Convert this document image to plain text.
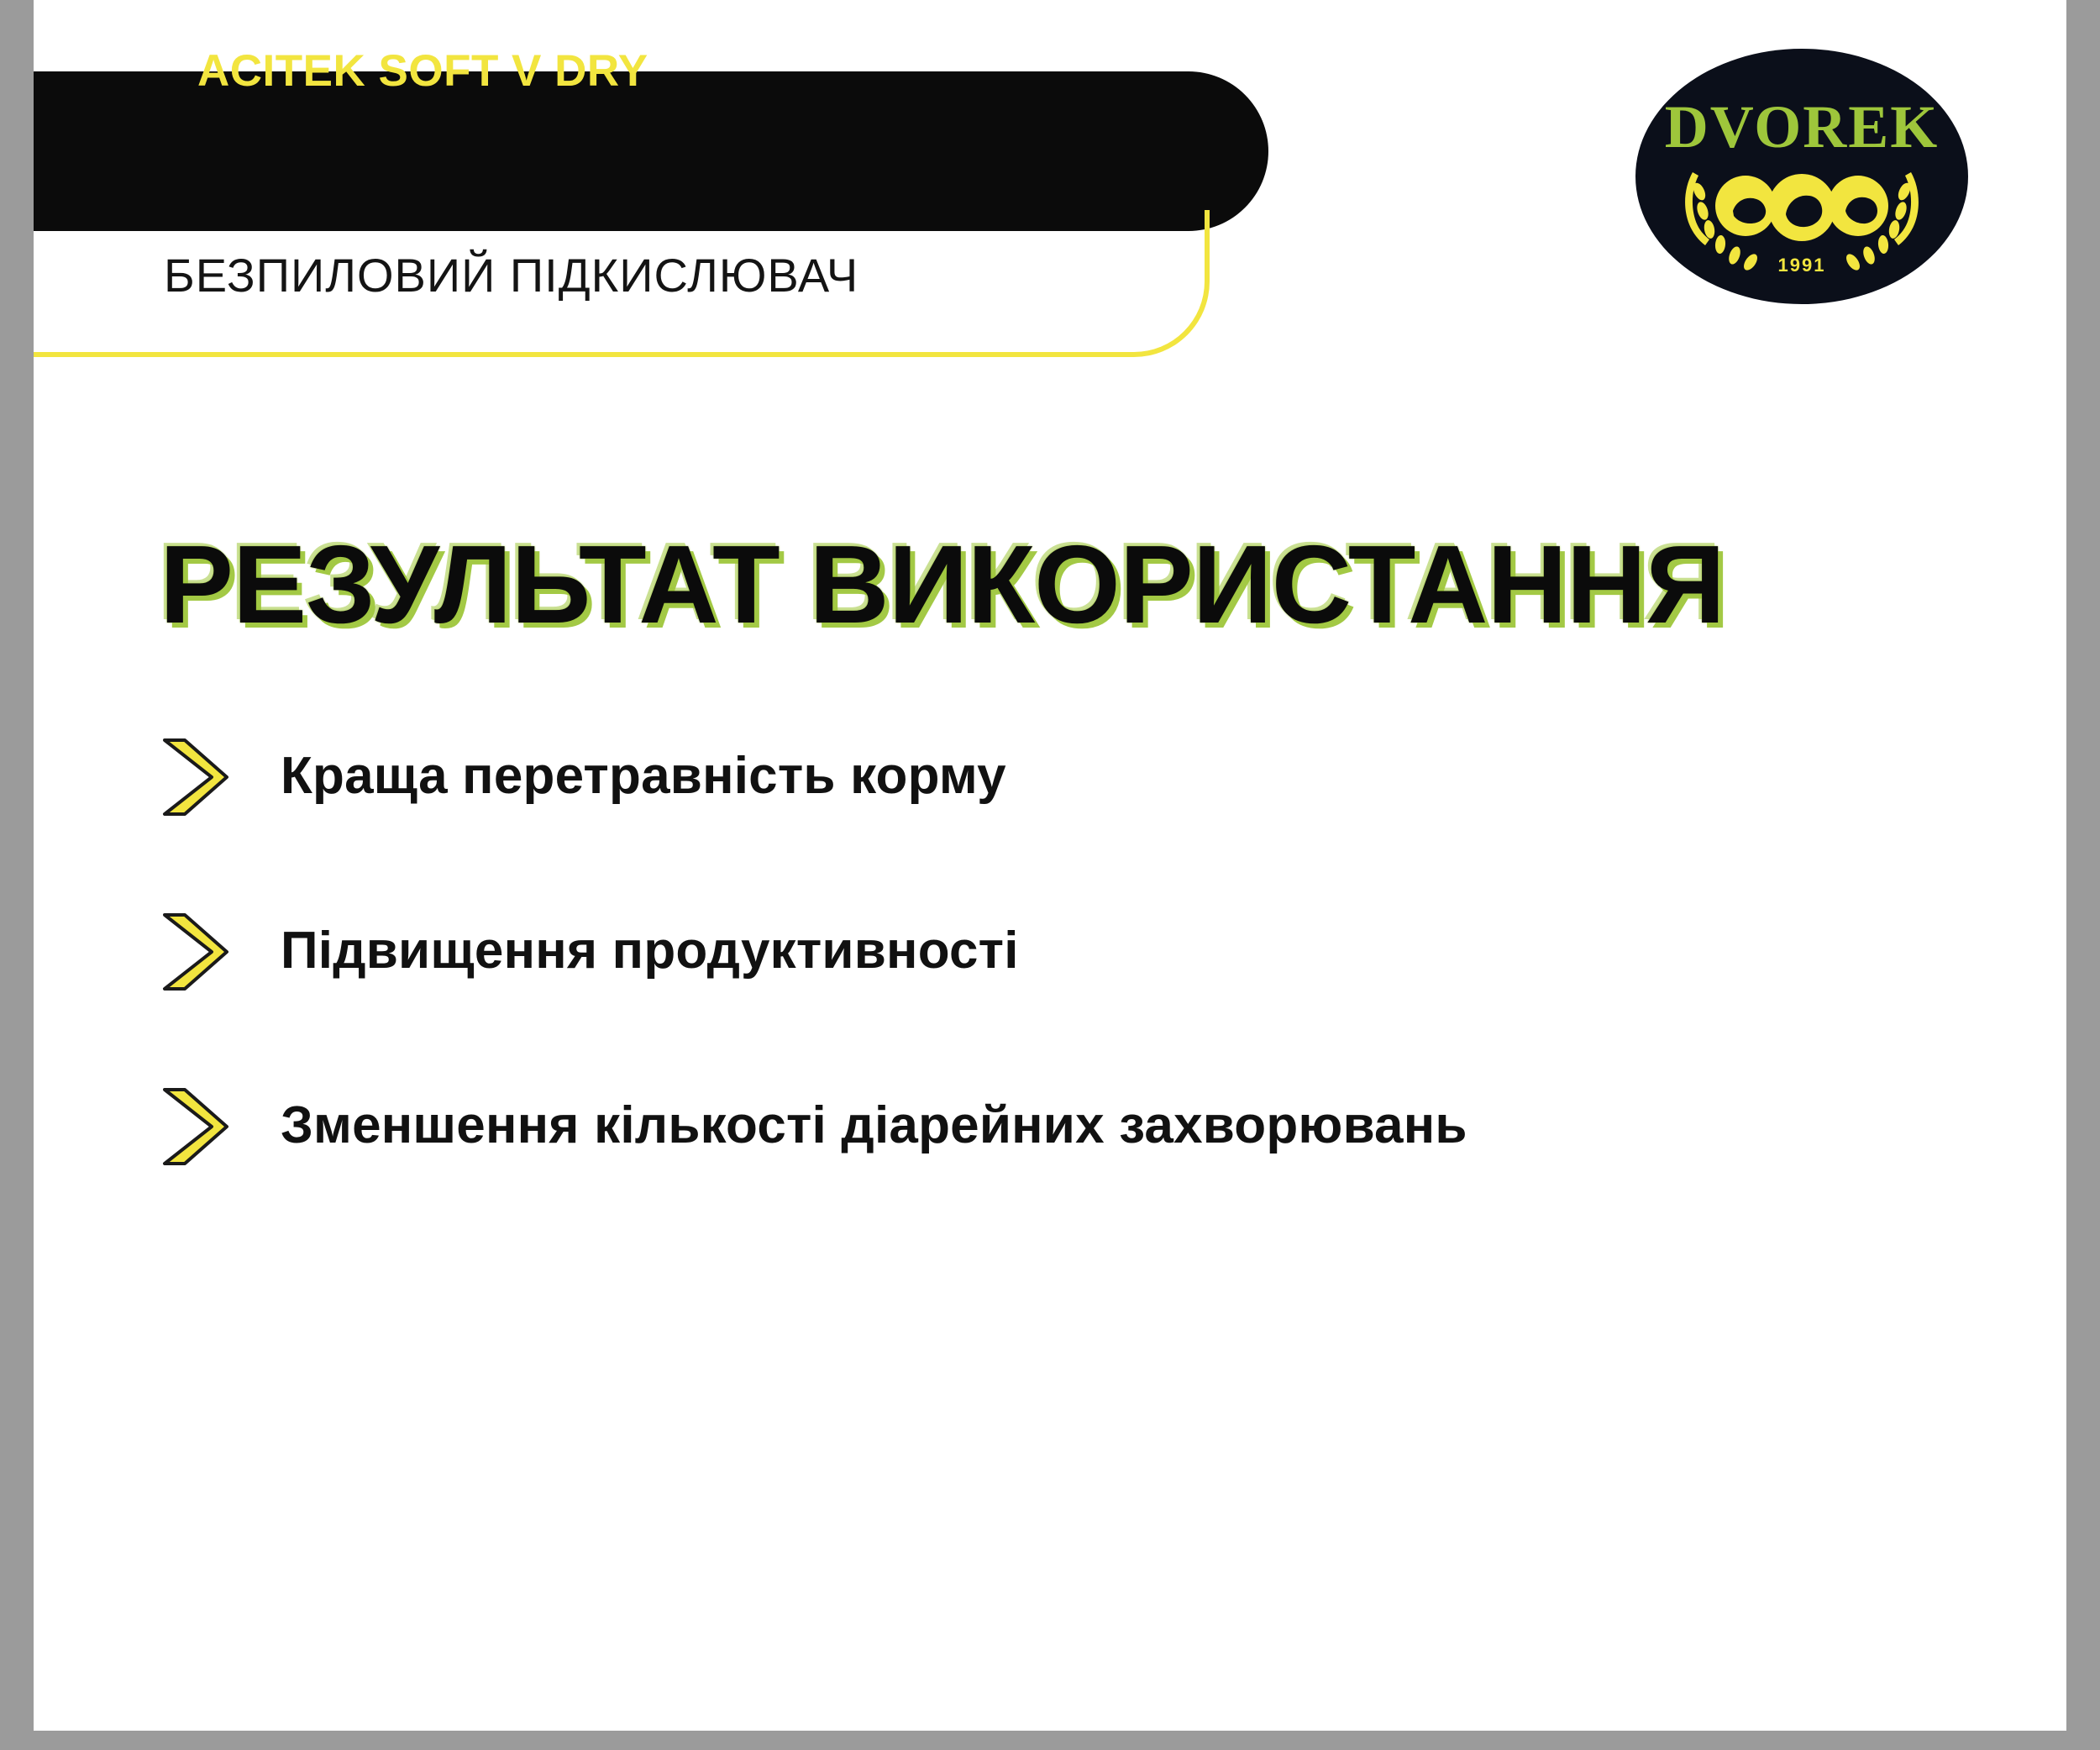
ACITEK SOFT V DRY
БЕЗПИЛОВИЙ ПІДКИСЛЮВАЧ
DVOREK
1991
РЕЗУЛЬТАТ ВИКОРИСТАННЯ
Краща перетравність корму
Підвищення продуктивності
Зменшення кількості діарейних захворювань
